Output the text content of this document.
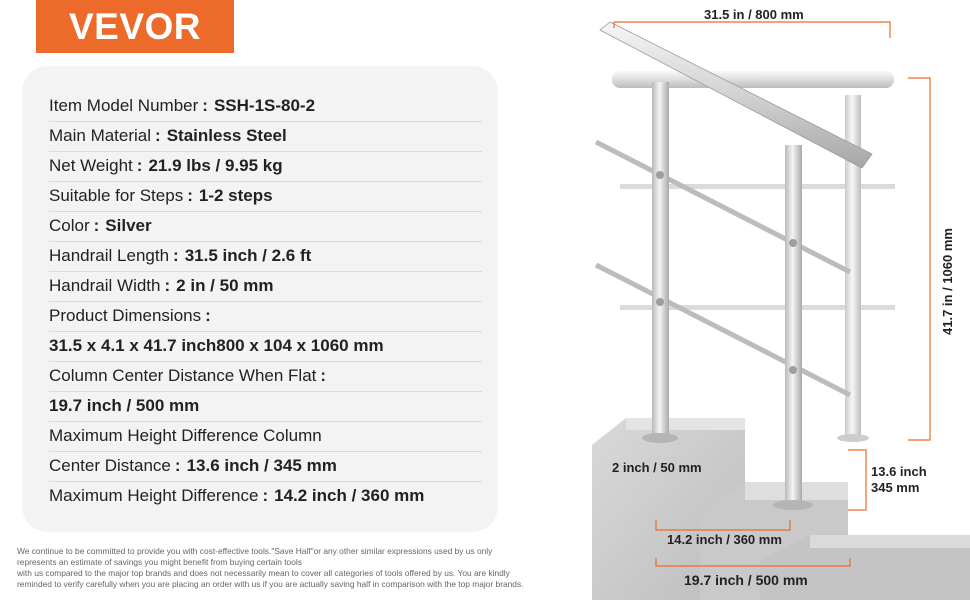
VEVOR
Item Model Number : SSH-1S-80-2
Main Material : Stainless Steel
Net Weight : 21.9 lbs / 9.95 kg
Suitable for Steps : 1-2 steps
Color : Silver
Handrail Length : 31.5 inch / 2.6 ft
Handrail Width : 2 in / 50 mm
Product Dimensions :
31.5 x 4.1 x 41.7 inch800 x 104 x 1060 mm
Column Center Distance When Flat :
19.7 inch / 500 mm
Maximum Height Difference Column
Center Distance : 13.6 inch / 345 mm
Maximum Height Difference : 14.2 inch / 360 mm
We continue to be committed to provide you with cost-effective tools."Save Half"or any other similar expressions used by us only
represents an estimate of savings you might benefit from buying certain tools
with us compared to the major top brands and does not necessarily mean to cover all categories of tools offered by us. You are kindly
reminded to verify carefully when you are placing an order with us if you are actually saving half in comparison with the top major brands.
31.5 in / 800 mm
41.7 in / 1060 mm
2 inch / 50 mm	13.6 inch
345 mm
14.2 inch / 360 mm
19.7 inch / 500 mm
